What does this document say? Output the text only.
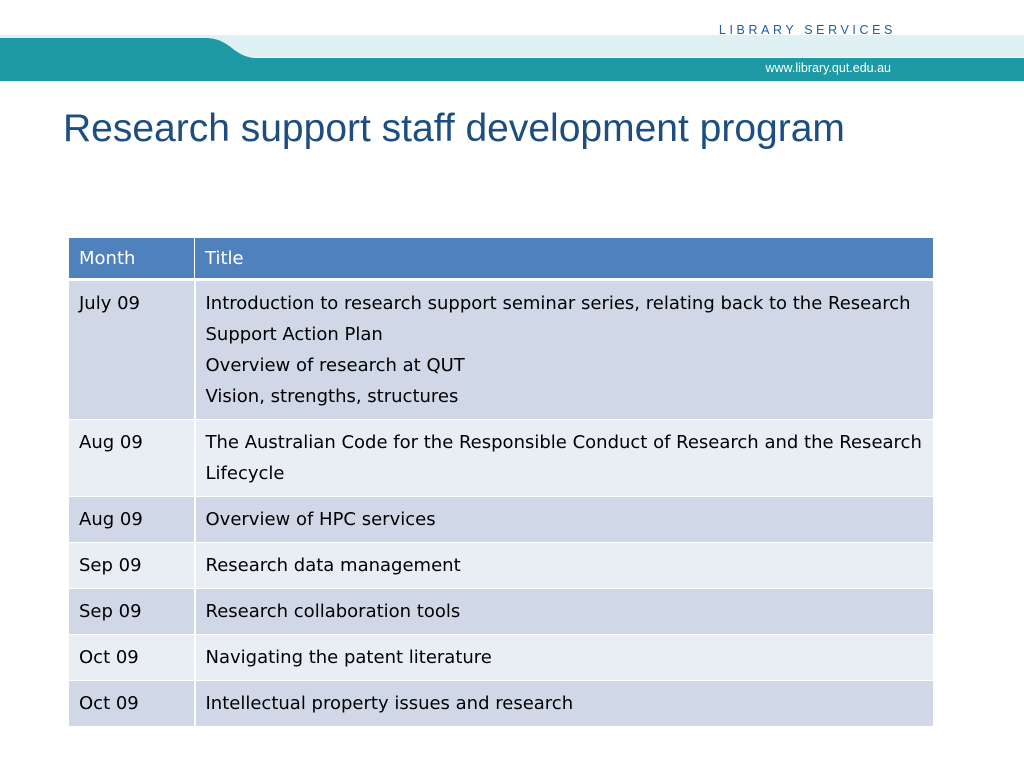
LIBRARY SERVICES
www.library.qut.edu.au
Research support staff development program
Month	Title
July 09	Introduction to research support seminar series, relating back to the Research Support Action Plan
Overview of research at QUT
Vision, strengths, structures

Aug 09	The Australian Code for the Responsible Conduct of Research and the Research Lifecycle

Aug 09	Overview of HPC services

Sep 09	Research data management

Sep 09	Research collaboration tools

Oct 09	Navigating the patent literature

Oct 09	Intellectual property issues and research
